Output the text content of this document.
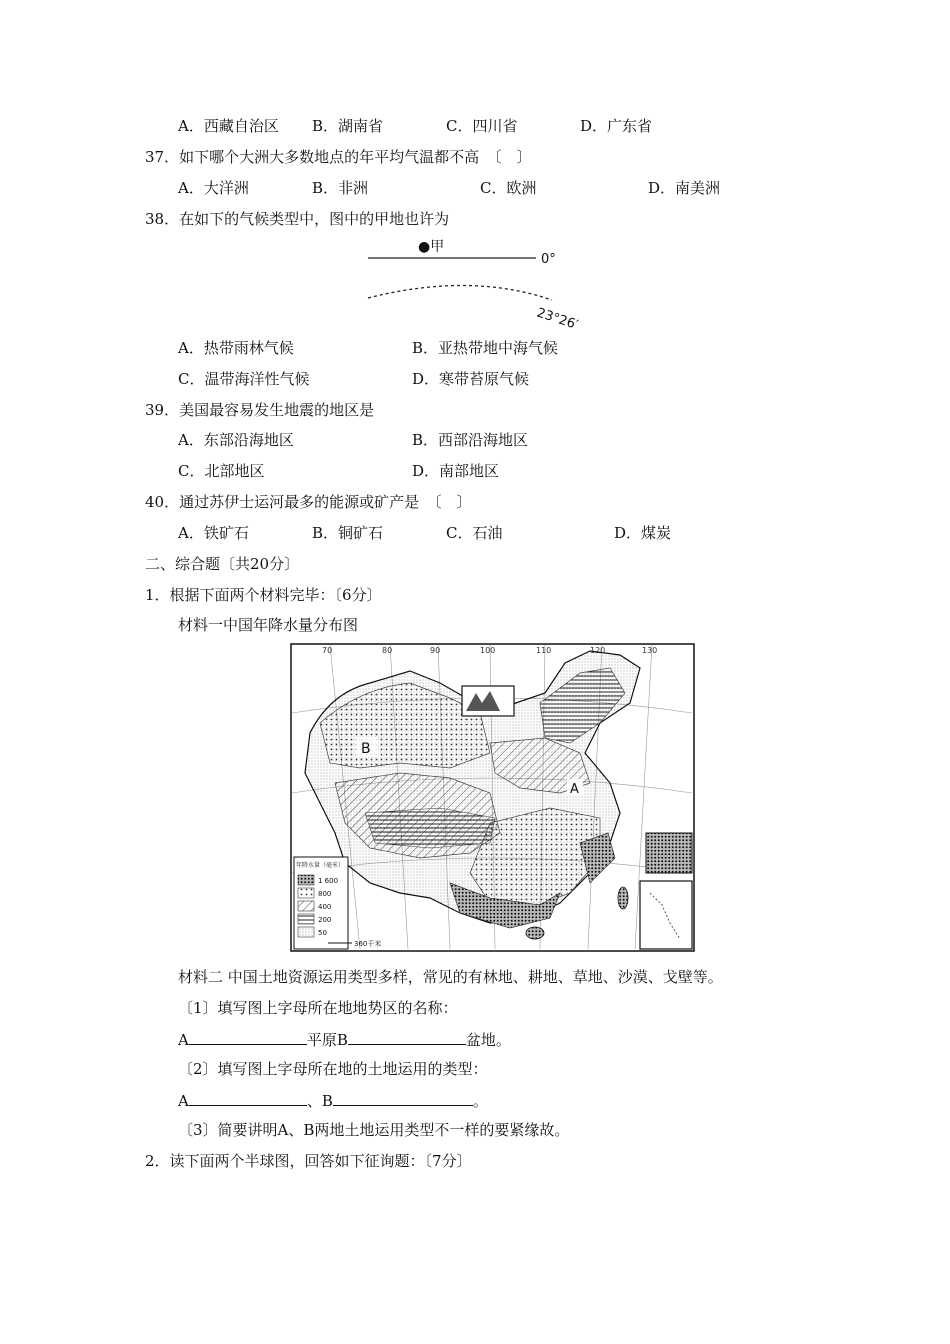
A．西藏自治区 B．湖南省	C．四川省	D．广东省
37．如下哪个大洲大多数地点的年平均气温都不高　〔　〕
A．大洋洲	B．非洲	C．欧洲	D．南美洲
38．在如下的气候类型中，图中的甲地也许为
●甲
0°
23°26′
A．热带雨林气候	B．亚热带地中海气候
C．温带海洋性气候	D．寒带苔原气候
39．美国最容易发生地震的地区是
A．东部沿海地区	B．西部沿海地区
C．北部地区	D．南部地区
40．通过苏伊士运河最多的能源或矿产是　〔　〕
A．铁矿石	B．铜矿石	C．石油	D．煤炭
二、综合题〔共20分〕
1．根据下面两个材料完毕：〔6分〕
材料一中国年降水量分布图
70	80	90	100	110	120	130
B
A
年降水量（毫米）
1 600
800
400
200
50
360千米
材料二 中国土地资源运用类型多样，常见的有林地、耕地、草地、沙漠、戈壁等。
〔1〕填写图上字母所在地地势区的名称：
A	平原B	盆地。
〔2〕填写图上字母所在地的土地运用的类型：
A	、B	。
〔3〕简要讲明A、B两地土地运用类型不一样的要紧缘故。
2．读下面两个半球图，回答如下征询题：〔7分〕
